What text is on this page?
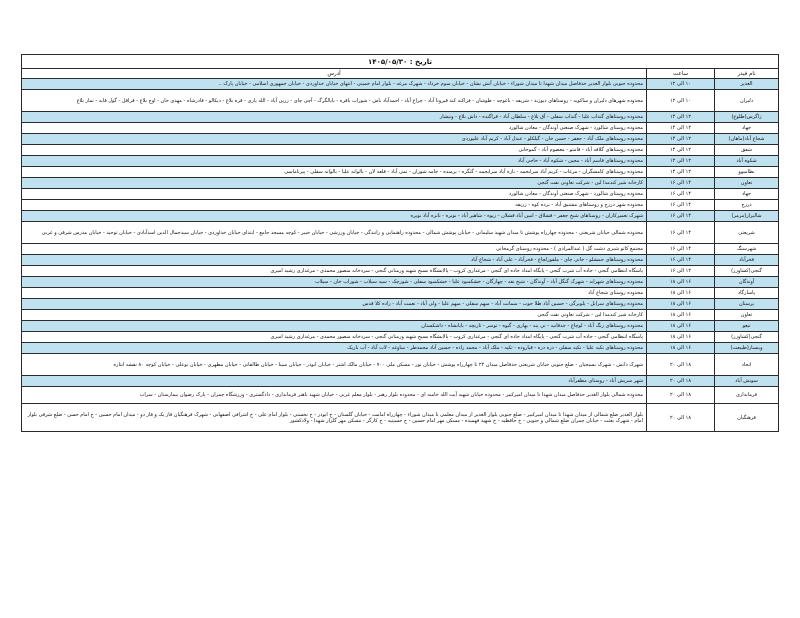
تاریخ : ۱۴۰۵/۰۵/۳۰		
نام فیدر	ساعت	آدرس
الغدیر	۱۰ الی ۱۲	محدوده جنوبی بلوار الغدیر حدفاصل میدان شهدا تا میدان شوراء - خیابان آتش نشان - خیابان سوم خرداد - شهرک مرغه - بلوار امام خمینی - انتهای خیابان خداوردی - خیابان جمهوری اسلامی - خیابان پارک ..
دلیران	۱۰ الی ۱۲	محدوده شهرهای دلیران و ساکوبه - روستاهای دیوزند - شریفه - باغوچه - طوشان - فراکنه کند قیرونا آباد - چراغ آباد - احمدآباد باش - شوراب بافره - بایالگرگ - آچی چای - زرین آباد - الله یاری - قره بلاغ - دیکالو - قادرشاه - مهدی خان - اوج بلاغ - قراقل - گول قایه - تماز بلاغ
زاگرس(طلوع)	۱۲ الی ۱۴	محدوده روستاهای گنداب علیا - گنداب سفلی - آق بلاغ - سلطان آباد - قراگنده - داش بلاغ - ونیشار
جهاد	۱۲ الی ۱۴	محدوده روستای شالورد - شهرک صنعتی آوندگان - معادن شالورد
شجاع آباد(ماهان)	۱۲ الی ۱۴	محدوده روستاهای ملک آباد - جعفر - حسن خان - گیلکلو - عبدل آباد - کریم آباد علیوردی
شفق	۱۲ الی ۱۴	محدوده روستاهای گلاقه آباد - قامتو - معصوم آباد - گموخانی
شکوه آباد	۱۲ الی ۱۴	محدوده روستاهای قاسم آباد - مجین - شکوه آباد - حاجی آباد
نظامیوو	۱۲ الی ۱۴	محدوده روستاهای کامشگران - مرغاب - کریم آباد سرابحمه - نازه آباد سرابحمه - گنگره - برمنده - جامه شوران - نمی آباد - قلعه لان - بالوانه علیا - بالوانه سفلی - پیرناماسی
تعاون	۱۴ الی ۱۶	کارخانه شیر کندمدا لین - شرکت تعاونی نفت گنجی
جهاد	۱۴ الی ۱۶	محدوده روستای شالورد - شهرک صنعتی آوندگان - معادن شالورد
درزج	۱۴ الی ۱۶	محدوده شهر درزج و روستاهای مشتیق آباد - برده کوه - زریقه
شالیزار(مرمر)	۱۴ الی ۱۶	شهرک تعمیرکاران - روستاهای شیخ جعفر - قشلاق - امین آباد قشلان - زیوه - شاهیر آباد - نوبره - نانزه آباد نوبره
شریعتی	۱۴ الی ۱۶	محدوده شمالی خیابان شریعتی - محدوده چهارراه پوشش تا میدان شهید سلیمانی - خیابان پوشش شمالی - محدوده راهنمایی و رانندگی - خیابان ورزشی - خیابان خیبر - کوچه مسجد جامع - ابتدای خیابان خداوردی - خیابان سیدجمال الدین اسدآبادی - خیابان توحید - خیابان مدرس شرقی و غربی
شهرسنگ	۱۴ الی ۱۶	مجتمع کاتو شیری دشت گل ( عبدالمرادی ) - محدوده روستای گرمخانی
فخرآباد	۱۴ الی ۱۶	محدوده روستاهای جمشلو - خانی چای - ملقوزلچاغ - فخرآباد - علی آباد - شجاع آباد
گنجی(کشاورز)	۱۲ الی ۱۶	پاسگاه انتظامی گنجی - جاده آب شرب گنجی - پایگاه امداد جاده ای گنجی - مرغداری کروب - پالایشگاه بسیج شهید ورمنانی گنجی - سردخانه منصور محمدی - مرغداری رشید امیری
آوندگان	۱۶ الی ۱۸	محدوده روستاهای شهرابه - شهرک گنگل آباد - آوندگان - شیخ نقه - چهارگان - خشکمبود علیا - خشکمبود سفلی - شورچک - سپه سیلاب - شوراب خان - سیلاب
پاسارگاد	۱۶ الی ۱۸	محدوده روستای شجاع آباد
پرستان	۱۶ الی ۱۸	محدوده روستاهای سرابل - پلوبرگی - حسین آباد طلا جوب - سمانت آباد - میهم سفلی - میهم علیا - ولی آباد - نعمت آباد - زاده کلا قدس
تعاون	۱۶ الی ۱۸	کارخانه شیر کندمدا لین - شرکت تعاونی نفت گنجی
تیغو	۱۶ الی ۱۸	محدوده روستاهای زنگ آباد - لوچاغ - جدقانیه - نی پنه - بهاری - گیوه - توسر - تاربچه - بایانشاه - داشکستان
گنجی(کشاورز)	۱۶ الی ۱۸	پاسگاه انتظامی گنجی - جاده آب شرب گنجی - پایگاه امداد جاده ای گنجی - مرغداری کروب - پالایشگاه بسیج شهید ورمنانی گنجی - سردخانه منصور محمدی - مرغداری رشید امیری
وینسار(طبیعت)	۱۶ الی ۱۸	محدوده روستاهای تکیه علیا - تکیه سفلی - دره دره - قیاروده - تکیه - ملک آباد - محمد زاده - حسین آباد محمدطر - ساوغه - لات آباد - آب باریک
اتحاد	۱۸ الی ۲۰	شهرک دانش - شهرک بسیجیان - ضلع جنوبی خیابان شریعتی حدفاصل میدان ۲۲ تا چهارراه پوشش - خیابان نور - مسکن ملی ۷۰۰ - خیابان مالک اشتر - خیابان ابوذر - خیابان سینا - خیابان طالقانی - خیابان مطهری - خیابان بوعلی - خیابان کوچه ۸۰ نقشه انتاره
سونش آباد	۱۸ الی ۲۰	شهر سرپش آباد - روستای مظفرآباد
فرمانداری	۱۸ الی ۲۰	محدوده شمالی بلوار الغدیر حدفاصل میدان شهدا تا میدان امیرکبیر - محدوده خیابان شهید آیت الله خامنه ای - محدوده بلوار رهبر - بلوار معلم غربی - خیابان شهید باهنر فرمانداری - دادگستری - ورزشگاه چمران - پارک رضوان بیمارستان - سراب
فرهنگیان	۱۸ الی ۲۰	بلوار الغدیر ضلع شمالی از میدان شهدا تا میدان امیرکبیر - ضلع جنوبی بلوار الغدیر از میدان معلمی تا میدان شوراء - چهارراه امامت - خیابان گلستان - خ ابوذر - خ نخستی - بلوار امام علی - خ اشرافی اصفهانی - شهرک فرهنگیان فاز یک و فاز دو - میدان امام حسین - خ امام حسن - ضلع شرقی بلوار امام - شهرک بعثت - خیابان چمران ضلع شمالی و جنوبی - خ حافظیه - خ شهید فهمیده - مسکن مهر امام حسین - خ حسینیه - خ کارگر - مسکن مهر گلزار شهدا - ولادکشور
